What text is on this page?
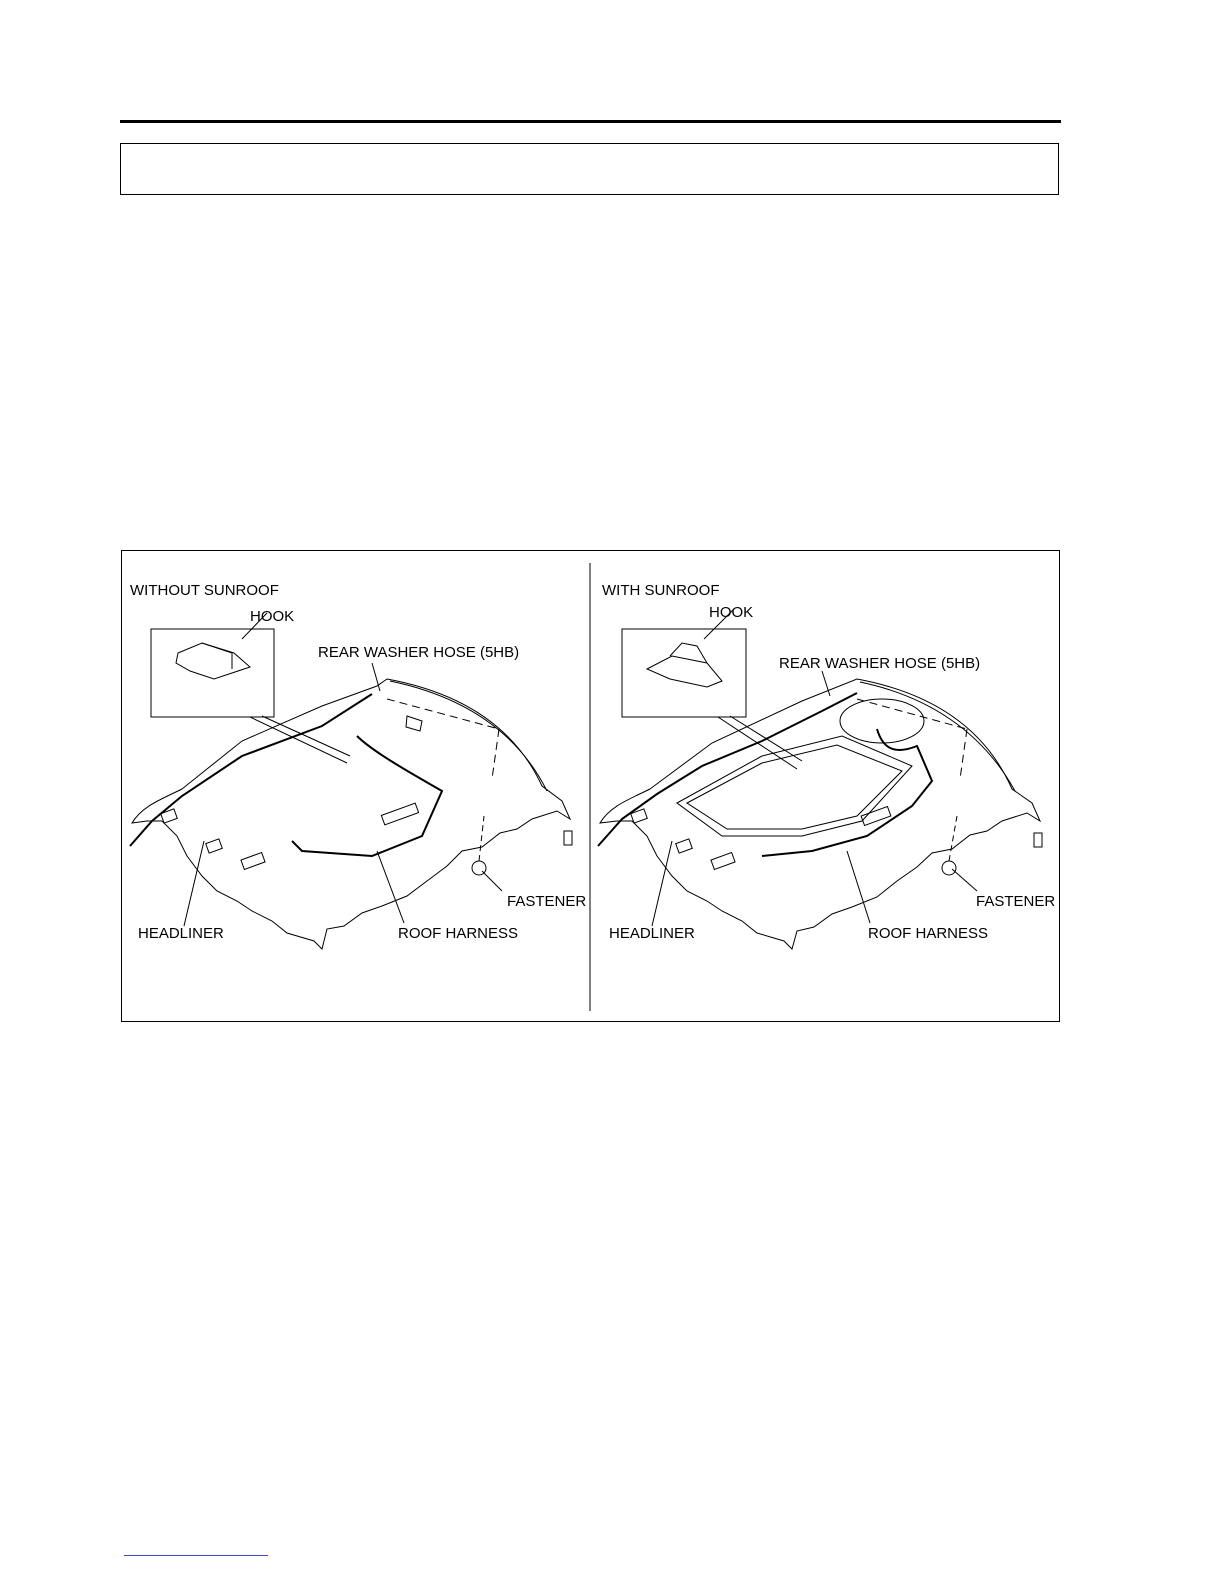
WITHOUT SUNROOF
HOOK
REAR WASHER HOSE (5HB)
HEADLINER	ROOF HARNESS
FASTENER
WITH SUNROOF
HOOK
REAR WASHER HOSE (5HB)
HEADLINER	ROOF HARNESS
FASTENER
